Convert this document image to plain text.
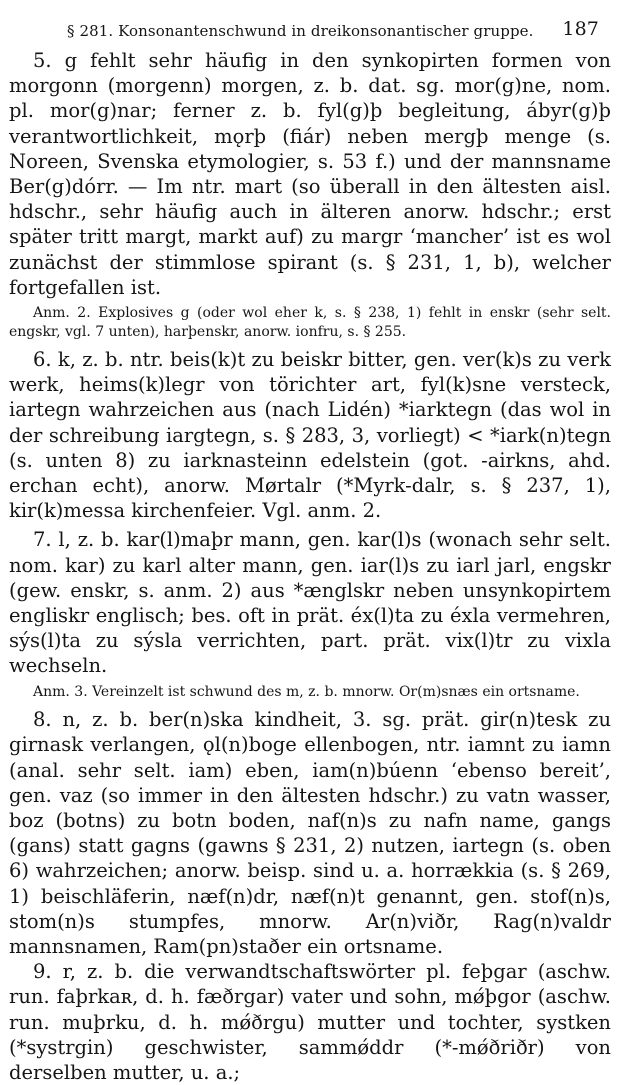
§ 281. Konsonantenschwund in dreikonsonantischer gruppe. 187

5. g fehlt sehr häufig in den synkopirten formen von morgonn (morgenn) morgen, z. b. dat. sg. mor(g)ne, nom. pl. mor(g)nar; ferner z. b. fyl(g)þ begleitung, ábyr(g)þ verantwortlichkeit, mǫrþ (fiár) neben mergþ menge (s. Noreen, Svenska etymologier, s. 53 f.) und der mannsname Ber(g)dórr. — Im ntr. mart (so überall in den ältesten aisl. hdschr., sehr häufig auch in älteren anorw. hdschr.; erst später tritt margt, markt auf) zu margr ‘mancher’ ist es wol zunächst der stimmlose spirant (s. § 231, 1, b), welcher fortgefallen ist.

Anm. 2. Explosives g (oder wol eher k, s. § 238, 1) fehlt in enskr (sehr selt. engskr, vgl. 7 unten), harþenskr, anorw. ionfru, s. § 255.

6. k, z. b. ntr. beis(k)t zu beiskr bitter, gen. ver(k)s zu verk werk, heims(k)legr von törichter art, fyl(k)sne versteck, iartegn wahrzeichen aus (nach Lidén) *iarktegn (das wol in der schreibung iargtegn, s. § 283, 3, vorliegt) < *iark(n)tegn (s. unten 8) zu iarknasteinn edelstein (got. -airkns, ahd. erchan echt), anorw. Mørtalr (*Myrk-dalr, s. § 237, 1), kir(k)messa kirchenfeier. Vgl. anm. 2.

7. l, z. b. kar(l)maþr mann, gen. kar(l)s (wonach sehr selt. nom. kar) zu karl alter mann, gen. iar(l)s zu iarl jarl, engskr (gew. enskr, s. anm. 2) aus *ænglskr neben unsynkopirtem engliskr englisch; bes. oft in prät. éx(l)ta zu éxla vermehren, sýs(l)ta zu sýsla verrichten, part. prät. vix(l)tr zu vixla wechseln.

Anm. 3. Vereinzelt ist schwund des m, z. b. mnorw. Or(m)snæs ein ortsname.

8. n, z. b. ber(n)ska kindheit, 3. sg. prät. gir(n)tesk zu girnask verlangen, ǫl(n)boge ellenbogen, ntr. iamnt zu iamn (anal. sehr selt. iam) eben, iam(n)búenn ‘ebenso bereit’, gen. vaz (so immer in den ältesten hdschr.) zu vatn wasser, boz (botns) zu botn boden, naf(n)s zu nafn name, gangs (gans) statt gagns (gawns § 231, 2) nutzen, iartegn (s. oben 6) wahrzeichen; anorw. beisp. sind u. a. horrækkia (s. § 269, 1) beischläferin, næf(n)dr, næf(n)t genannt, gen. stof(n)s, stom(n)s stumpfes, mnorw. Ar(n)viðr, Rag(n)valdr mannsnamen, Ram(pn)staðer ein ortsname.

9. r, z. b. die verwandtschaftswörter pl. feþgar (aschw. run. faþrkaʀ, d. h. fæðrgar) vater und sohn, mǿþgor (aschw. run. muþrku, d. h. mǿðrgu) mutter und tochter, systken (*systrgin) geschwister, sammǿddr (*-mǿðriðr) von derselben mutter, u. a.;
